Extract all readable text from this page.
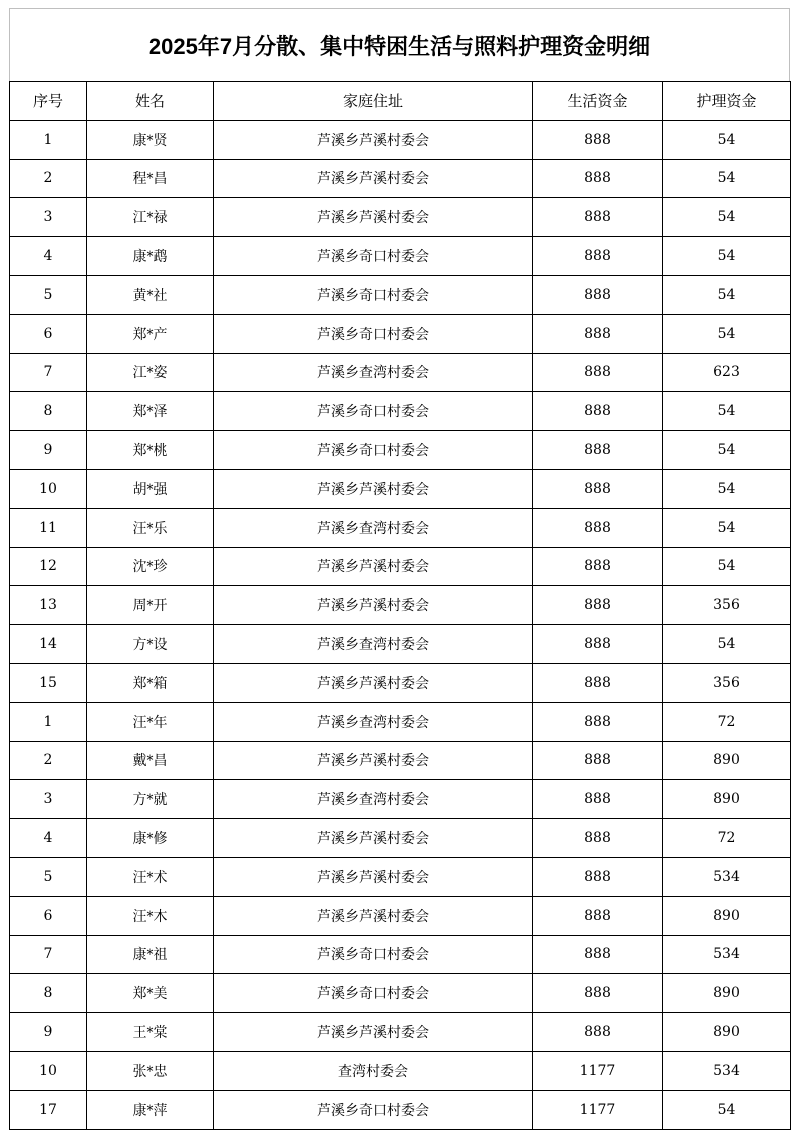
2025年7月分散、集中特困生活与照料护理资金明细
序号	姓名	家庭住址	生活资金	护理资金
1	康*贤	芦溪乡芦溪村委会	888	54
2	程*昌	芦溪乡芦溪村委会	888	54
3	江*禄	芦溪乡芦溪村委会	888	54
4	康*鹉	芦溪乡奇口村委会	888	54
5	黄*社	芦溪乡奇口村委会	888	54
6	郑*产	芦溪乡奇口村委会	888	54
7	江*姿	芦溪乡查湾村委会	888	623
8	郑*泽	芦溪乡奇口村委会	888	54
9	郑*桃	芦溪乡奇口村委会	888	54
10	胡*强	芦溪乡芦溪村委会	888	54
11	汪*乐	芦溪乡查湾村委会	888	54
12	沈*珍	芦溪乡芦溪村委会	888	54
13	周*开	芦溪乡芦溪村委会	888	356
14	方*设	芦溪乡查湾村委会	888	54
15	郑*箱	芦溪乡芦溪村委会	888	356
1	汪*年	芦溪乡查湾村委会	888	72
2	戴*昌	芦溪乡芦溪村委会	888	890
3	方*就	芦溪乡查湾村委会	888	890
4	康*修	芦溪乡芦溪村委会	888	72
5	汪*术	芦溪乡芦溪村委会	888	534
6	汪*木	芦溪乡芦溪村委会	888	890
7	康*祖	芦溪乡奇口村委会	888	534
8	郑*美	芦溪乡奇口村委会	888	890
9	王*棠	芦溪乡芦溪村委会	888	890
10	张*忠	查湾村委会	1177	534
17	康*萍	芦溪乡奇口村委会	1177	54
